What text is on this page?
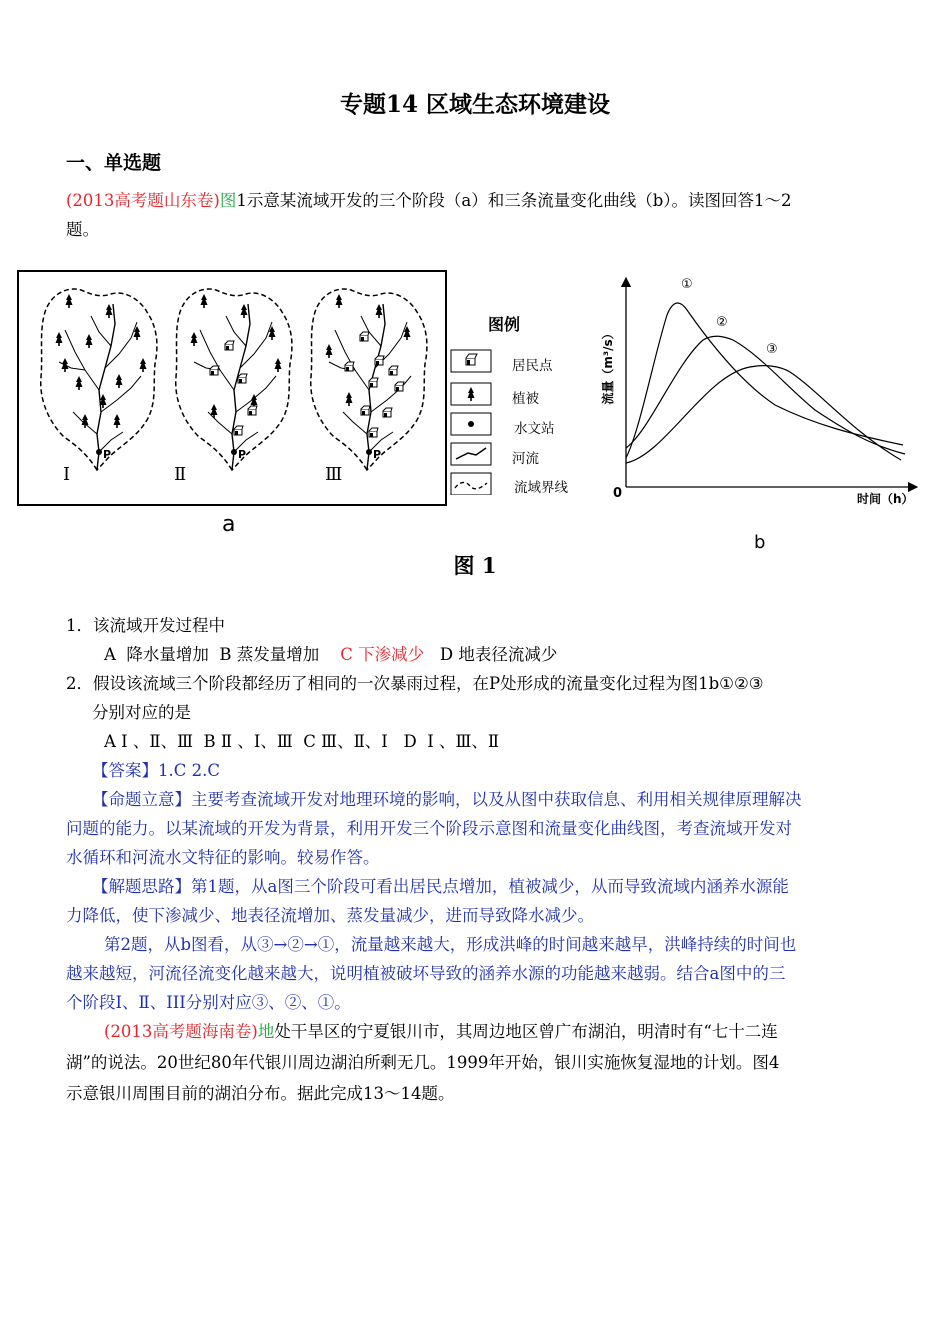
专题14 区域生态环境建设
一、单选题
(2013高考题山东卷)图1示意某流域开发的三个阶段（a）和三条流量变化曲线（b）。读图回答1～2
题。
P
Ⅰ
P
Ⅱ
P
Ⅲ
a
图例
居民点
植被
水文站
河流
流域界线
①
②
③
0	时间（h）
流量（m³/s）
b
图 1
1．该流域开发过程中
A  降水量增加  B 蒸发量增加 C 下渗减少 D 地表径流减少
2．假设该流域三个阶段都经历了相同的一次暴雨过程，在P处形成的流量变化过程为图1b①②③
分别对应的是
A Ⅰ 、Ⅱ、Ⅲ  B Ⅱ 、Ⅰ、Ⅲ  C Ⅲ、Ⅱ、Ⅰ   D  Ⅰ 、Ⅲ、Ⅱ
【答案】1.C 2.C
【命题立意】主要考查流域开发对地理环境的影响，以及从图中获取信息、利用相关规律原理解决
问题的能力。以某流域的开发为背景，利用开发三个阶段示意图和流量变化曲线图，考查流域开发对
水循环和河流水文特征的影响。较易作答。
【解题思路】第1题，从a图三个阶段可看出居民点增加，植被减少，从而导致流域内涵养水源能
力降低，使下渗减少、地表径流增加、蒸发量减少，进而导致降水减少。
第2题，从b图看，从③→②→①，流量越来越大，形成洪峰的时间越来越早，洪峰持续的时间也
越来越短，河流径流变化越来越大，说明植被破坏导致的涵养水源的功能越来越弱。结合a图中的三
个阶段Ⅰ、Ⅱ、III分别对应③、②、①。
(2013高考题海南卷)地处干旱区的宁夏银川市，其周边地区曾广布湖泊，明清时有“七十二连
湖”的说法。20世纪80年代银川周边湖泊所剩无几。1999年开始，银川实施恢复湿地的计划。图4
示意银川周围目前的湖泊分布。据此完成13～14题。
